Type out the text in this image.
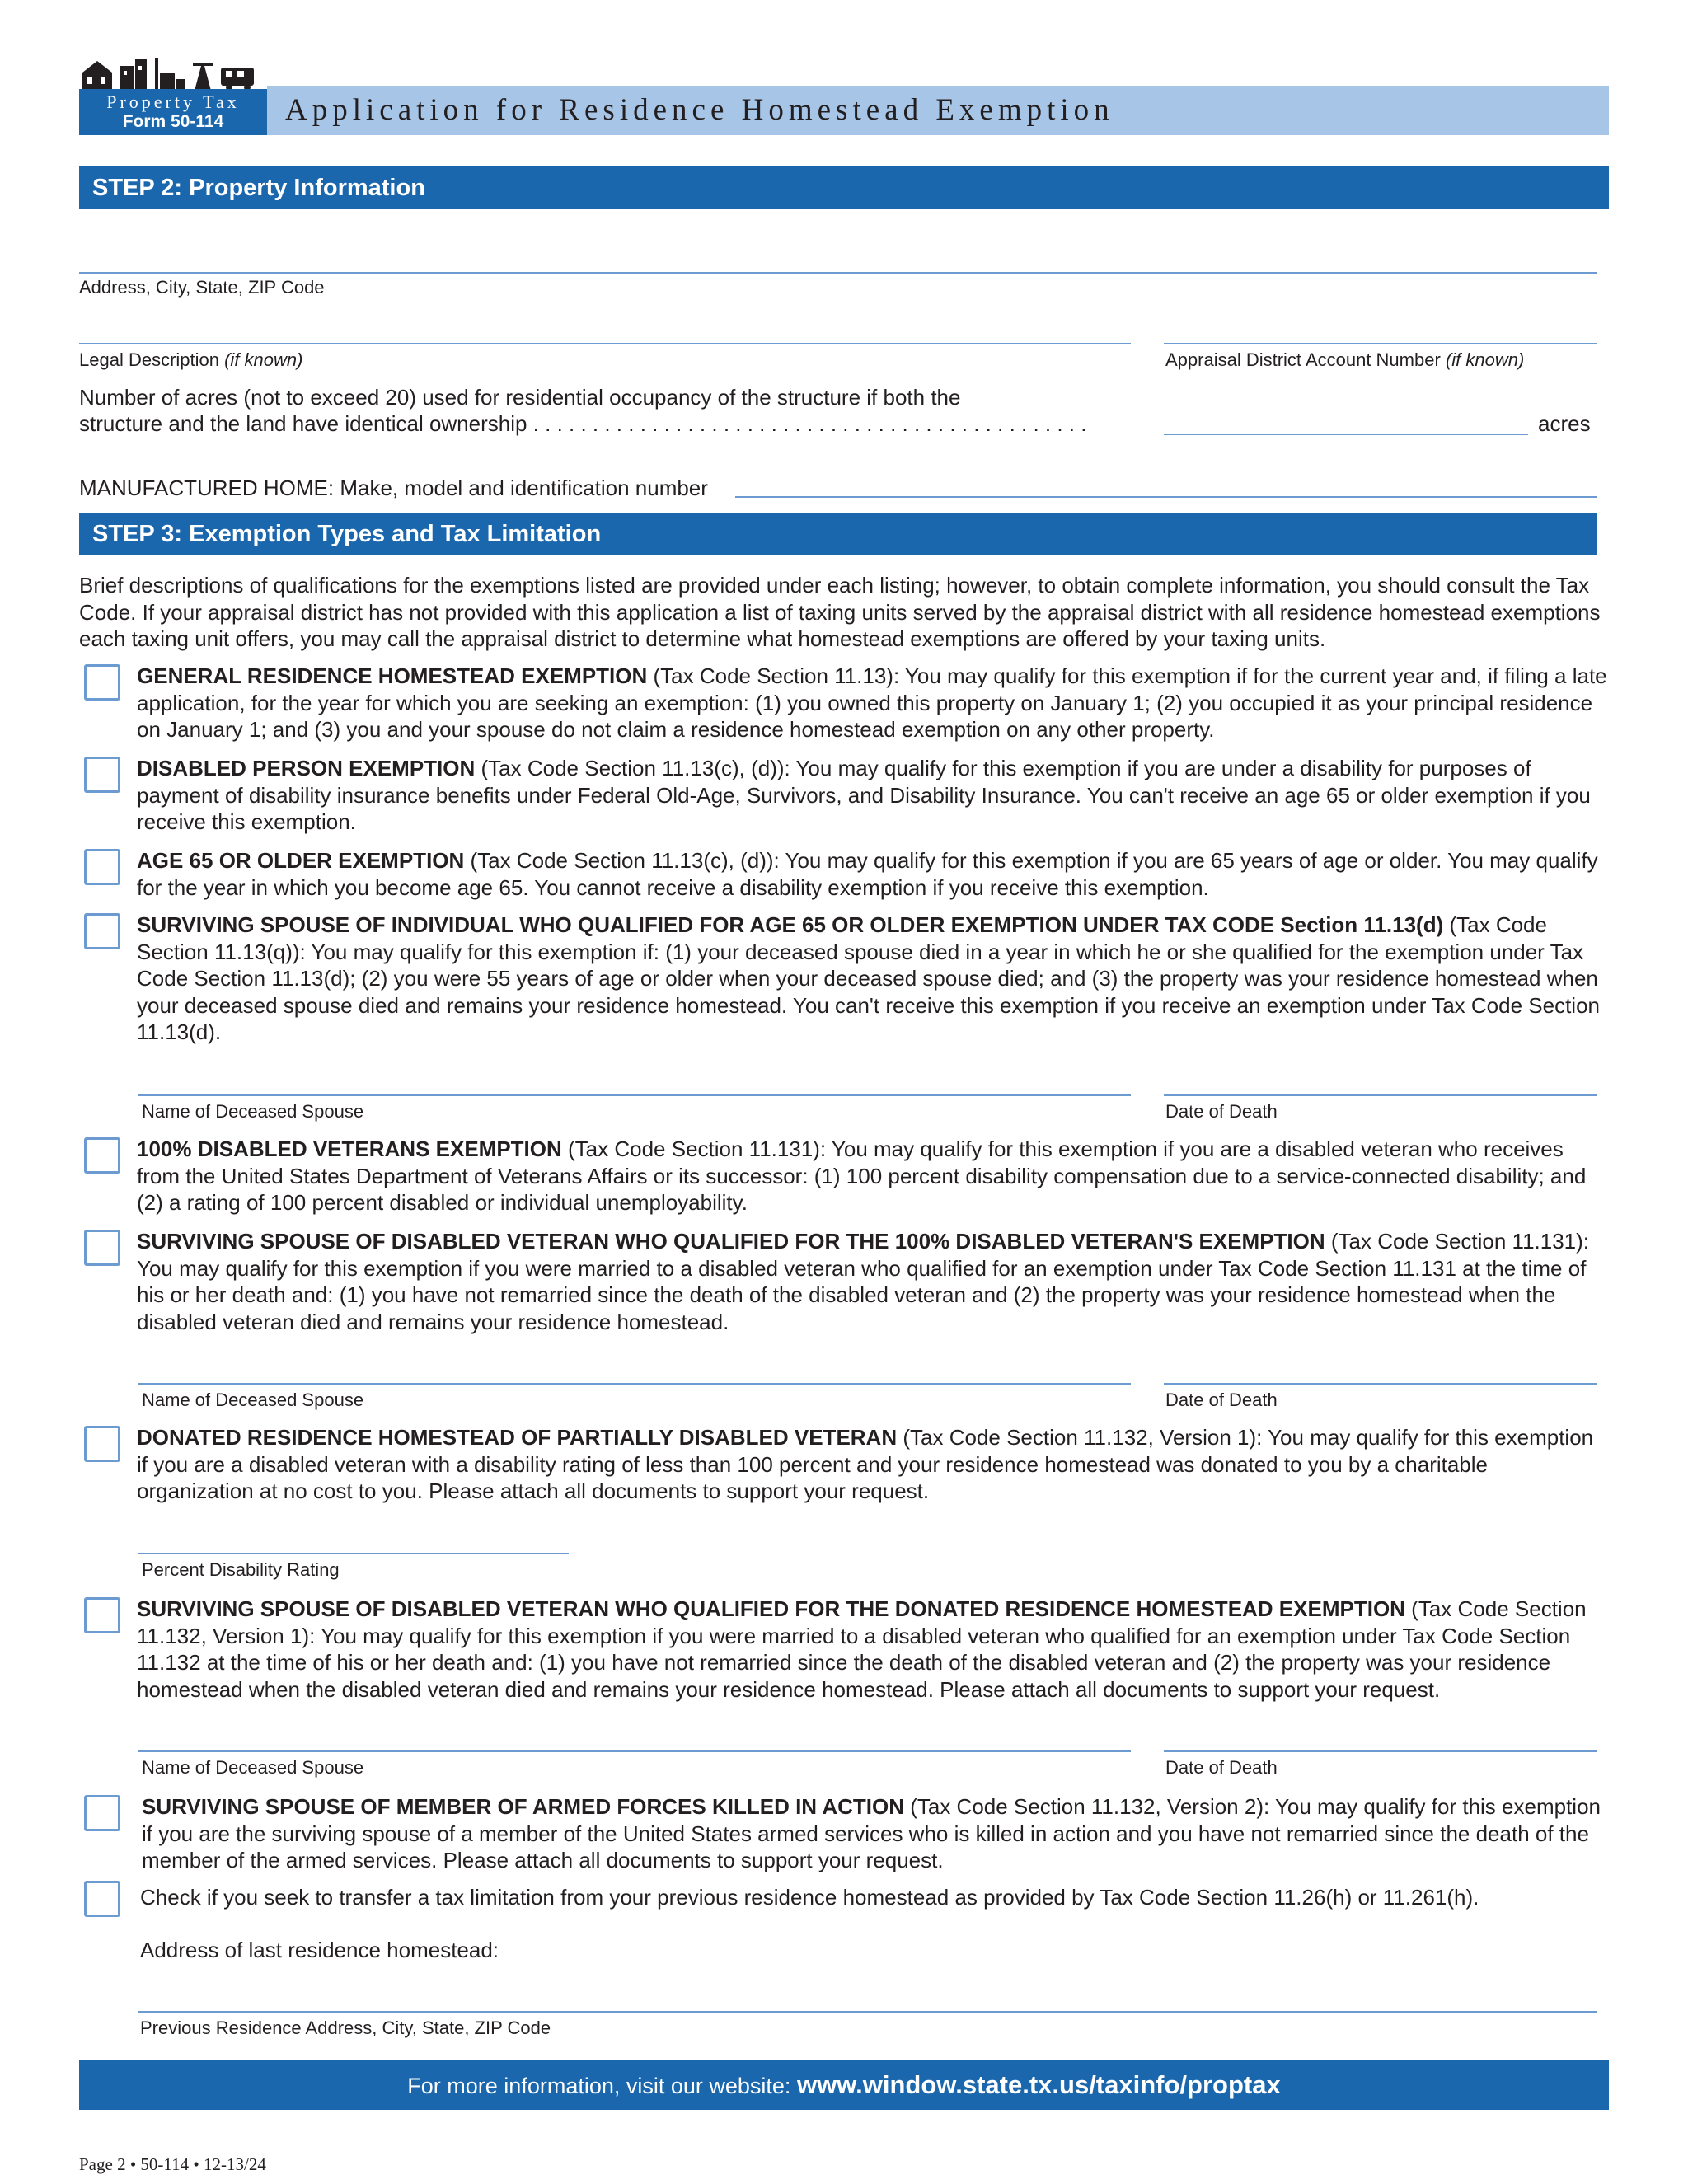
Property Tax
Form 50-114	Application for Residence Homestead Exemption
STEP 2: Property Information
Address, City, State, ZIP Code
Legal Description (if known)	Appraisal District Account Number (if known)
Number of acres (not to exceed 20) used for residential occupancy of the structure if both the
structure and the land have identical ownership . . . . . . . . . . . . . . . . . . . . . . . . . . . . . . . . . . . . . . . . . . . . . . .	acres
MANUFACTURED HOME: Make, model and identification number
STEP 3: Exemption Types and Tax Limitation
Brief descriptions of qualifications for the exemptions listed are provided under each listing; however, to obtain complete information, you should consult the Tax Code. If your appraisal district has not provided with this application a list of taxing units served by the appraisal district with all residence homestead exemptions each taxing unit offers, you may call the appraisal district to determine what homestead exemptions are offered by your taxing units.
GENERAL RESIDENCE HOMESTEAD EXEMPTION (Tax Code Section 11.13): You may qualify for this exemption if for the current year and, if filing a late application, for the year for which you are seeking an exemption: (1) you owned this property on January 1; (2) you occupied it as your principal residence on January 1; and (3) you and your spouse do not claim a residence homestead exemption on any other property.
DISABLED PERSON EXEMPTION (Tax Code Section 11.13(c), (d)): You may qualify for this exemption if you are under a disability for purposes of payment of disability insurance benefits under Federal Old-Age, Survivors, and Disability Insurance. You can't receive an age 65 or older exemption if you receive this exemption.
AGE 65 OR OLDER EXEMPTION (Tax Code Section 11.13(c), (d)): You may qualify for this exemption if you are 65 years of age or older. You may qualify for the year in which you become age 65. You cannot receive a disability exemption if you receive this exemption.
SURVIVING SPOUSE OF INDIVIDUAL WHO QUALIFIED FOR AGE 65 OR OLDER EXEMPTION UNDER TAX CODE Section 11.13(d) (Tax Code Section 11.13(q)): You may qualify for this exemption if: (1) your deceased spouse died in a year in which he or she qualified for the exemption under Tax Code Section 11.13(d); (2) you were 55 years of age or older when your deceased spouse died; and (3) the property was your residence homestead when your deceased spouse died and remains your residence homestead. You can't receive this exemption if you receive an exemption under Tax Code Section 11.13(d).
Name of Deceased Spouse	Date of Death
100% DISABLED VETERANS EXEMPTION (Tax Code Section 11.131): You may qualify for this exemption if you are a disabled veteran who receives from the United States Department of Veterans Affairs or its successor: (1) 100 percent disability compensation due to a service-connected disability; and (2) a rating of 100 percent disabled or individual unemployability.
SURVIVING SPOUSE OF DISABLED VETERAN WHO QUALIFIED FOR THE 100% DISABLED VETERAN'S EXEMPTION (Tax Code Section 11.131): You may qualify for this exemption if you were married to a disabled veteran who qualified for an exemption under Tax Code Section 11.131 at the time of his or her death and: (1) you have not remarried since the death of the disabled veteran and (2) the property was your residence homestead when the disabled veteran died and remains your residence homestead.
Name of Deceased Spouse	Date of Death
DONATED RESIDENCE HOMESTEAD OF PARTIALLY DISABLED VETERAN (Tax Code Section 11.132, Version 1): You may qualify for this exemption if you are a disabled veteran with a disability rating of less than 100 percent and your residence homestead was donated to you by a charitable organization at no cost to you. Please attach all documents to support your request.
Percent Disability Rating
SURVIVING SPOUSE OF DISABLED VETERAN WHO QUALIFIED FOR THE DONATED RESIDENCE HOMESTEAD EXEMPTION (Tax Code Section 11.132, Version 1): You may qualify for this exemption if you were married to a disabled veteran who qualified for an exemption under Tax Code Section 11.132 at the time of his or her death and: (1) you have not remarried since the death of the disabled veteran and (2) the property was your residence homestead when the disabled veteran died and remains your residence homestead. Please attach all documents to support your request.
Name of Deceased Spouse	Date of Death
SURVIVING SPOUSE OF MEMBER OF ARMED FORCES KILLED IN ACTION (Tax Code Section 11.132, Version 2): You may qualify for this exemption if you are the surviving spouse of a member of the United States armed services who is killed in action and you have not remarried since the death of the member of the armed services. Please attach all documents to support your request.
Check if you seek to transfer a tax limitation from your previous residence homestead as provided by Tax Code Section 11.26(h) or 11.261(h).
Address of last residence homestead:
Previous Residence Address, City, State, ZIP Code
For more information, visit our website: www.window.state.tx.us/taxinfo/proptax
Page 2 • 50-114 • 12-13/24
